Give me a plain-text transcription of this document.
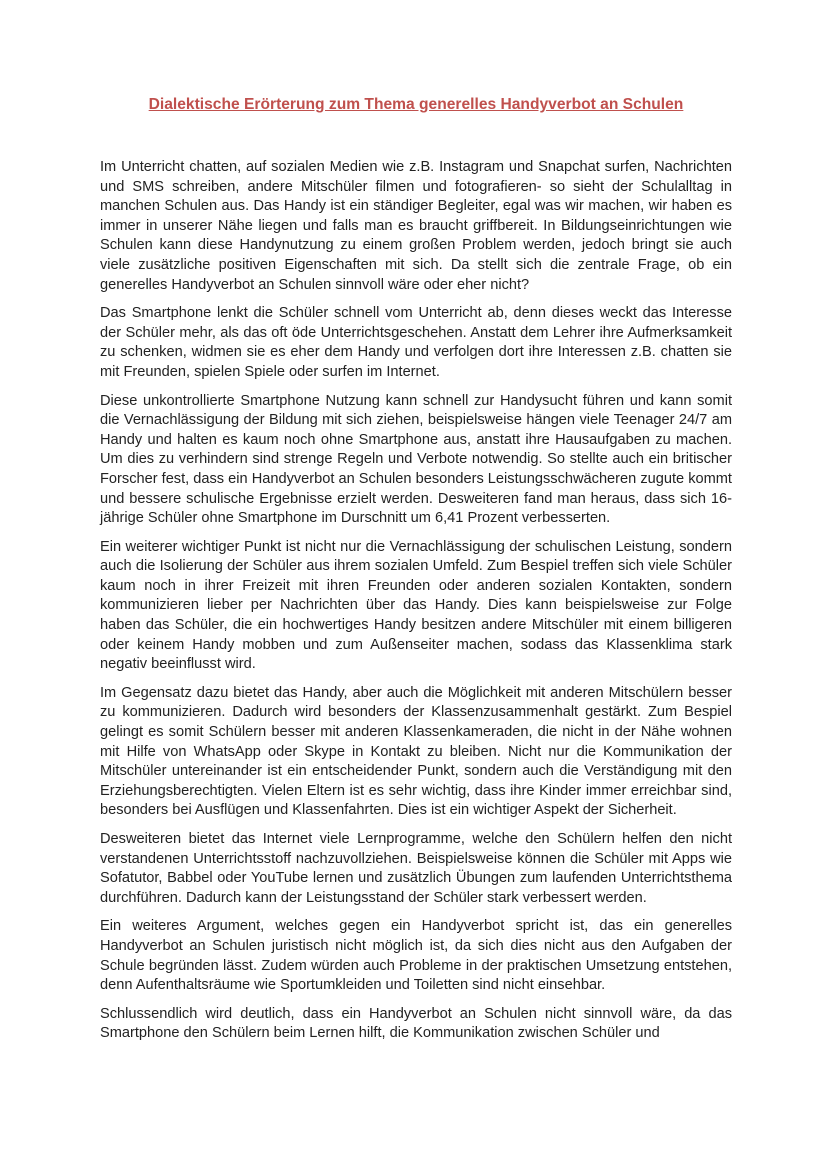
Dialektische Erörterung zum Thema generelles Handyverbot an Schulen

Im Unterricht chatten, auf sozialen Medien wie z.B. Instagram und Snapchat surfen, Nachrichten und SMS schreiben, andere Mitschüler filmen und fotografieren- so sieht der Schulalltag in manchen Schulen aus. Das Handy ist ein ständiger Begleiter, egal was wir machen, wir haben es immer in unserer Nähe liegen und falls man es braucht griffbereit. In Bildungseinrichtungen wie Schulen kann diese Handynutzung zu einem großen Problem werden, jedoch bringt sie auch viele zusätzliche positiven Eigenschaften mit sich. Da stellt sich die zentrale Frage, ob ein generelles Handyverbot an Schulen sinnvoll wäre oder eher nicht?

Das Smartphone lenkt die Schüler schnell vom Unterricht ab, denn dieses weckt das Interesse der Schüler mehr, als das oft öde Unterrichtsgeschehen. Anstatt dem Lehrer ihre Aufmerksamkeit zu schenken, widmen sie es eher dem Handy und verfolgen dort ihre Interessen z.B. chatten sie mit Freunden, spielen Spiele oder surfen im Internet.

Diese unkontrollierte Smartphone Nutzung kann schnell zur Handysucht führen und kann somit die Vernachlässigung der Bildung mit sich ziehen, beispielsweise hängen viele Teenager 24/7 am Handy und halten es kaum noch ohne Smartphone aus, anstatt ihre Hausaufgaben zu machen. Um dies zu verhindern sind strenge Regeln und Verbote notwendig. So stellte auch ein britischer Forscher fest, dass ein Handyverbot an Schulen besonders Leistungsschwächeren zugute kommt und bessere schulische Ergebnisse erzielt werden. Desweiteren fand man heraus, dass sich 16-jährige Schüler ohne Smartphone im Durschnitt um 6,41 Prozent verbesserten.

Ein weiterer wichtiger Punkt ist nicht nur die Vernachlässigung der schulischen Leistung, sondern auch die Isolierung der Schüler aus ihrem sozialen Umfeld. Zum Bespiel treffen sich viele Schüler kaum noch in ihrer Freizeit mit ihren Freunden oder anderen sozialen Kontakten, sondern kommunizieren lieber per Nachrichten über das Handy. Dies kann beispielsweise zur Folge haben das Schüler, die ein hochwertiges Handy besitzen andere Mitschüler mit einem billigeren oder keinem Handy mobben und zum Außenseiter machen, sodass das Klassenklima stark negativ beeinflusst wird.

Im Gegensatz dazu bietet das Handy, aber auch die Möglichkeit mit anderen Mitschülern besser zu kommunizieren. Dadurch wird besonders der Klassenzusammenhalt gestärkt. Zum Bespiel gelingt es somit Schülern besser mit anderen Klassenkameraden, die nicht in der Nähe wohnen mit Hilfe von WhatsApp oder Skype in Kontakt zu bleiben. Nicht nur die Kommunikation der Mitschüler untereinander ist ein entscheidender Punkt, sondern auch die Verständigung mit den Erziehungsberechtigten. Vielen Eltern ist es sehr wichtig, dass ihre Kinder immer erreichbar sind, besonders bei Ausflügen und Klassenfahrten. Dies ist ein wichtiger Aspekt der Sicherheit.

Desweiteren bietet das Internet viele Lernprogramme, welche den Schülern helfen den nicht verstandenen Unterrichtsstoff nachzuvollziehen. Beispielsweise können die Schüler mit Apps wie Sofatutor, Babbel oder YouTube lernen und zusätzlich Übungen zum laufenden Unterrichtsthema durchführen. Dadurch kann der Leistungsstand der Schüler stark verbessert werden.

Ein weiteres Argument, welches gegen ein Handyverbot spricht ist, das ein generelles Handyverbot an Schulen juristisch nicht möglich ist, da sich dies nicht aus den Aufgaben der Schule begründen lässt. Zudem würden auch Probleme in der praktischen Umsetzung entstehen, denn Aufenthaltsräume wie Sportumkleiden und Toiletten sind nicht einsehbar.

Schlussendlich wird deutlich, dass ein Handyverbot an Schulen nicht sinnvoll wäre, da das Smartphone den Schülern beim Lernen hilft, die Kommunikation zwischen Schüler und
